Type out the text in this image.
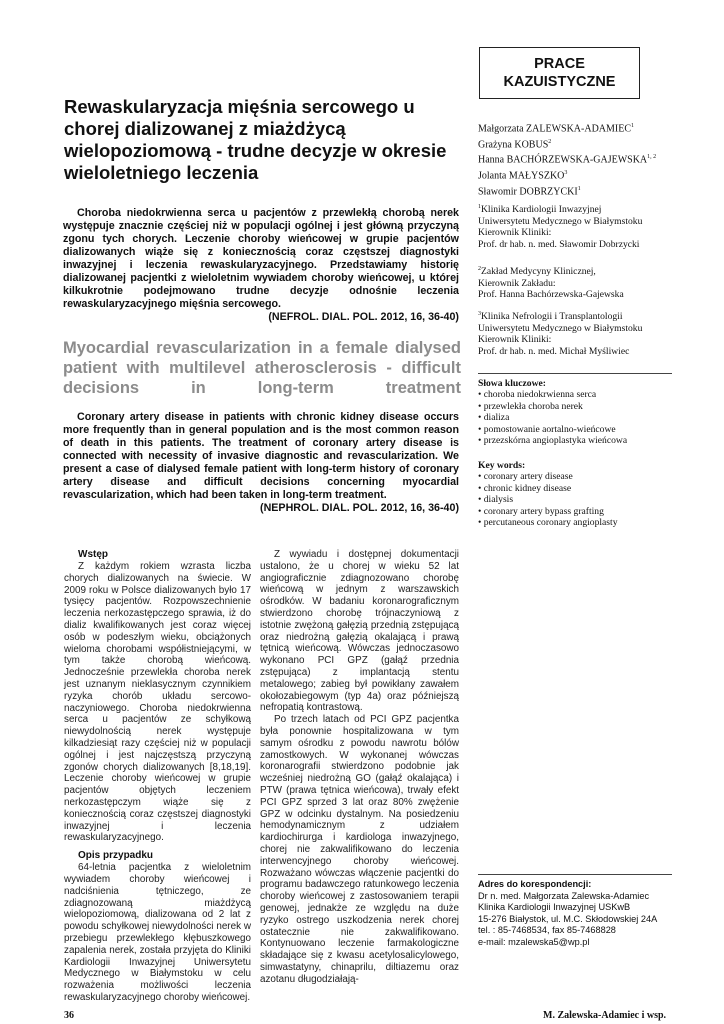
PRACE
KAZUISTYCZNE
Rewaskularyzacja mięśnia sercowego u chorej dializowanej z miażdżycą wielopoziomową - trudne decyzje w okresie wieloletniego leczenia
Małgorzata ZALEWSKA-ADAMIEC$^1$
Grażyna KOBUS$^2$
Hanna BACHÓRZEWSKA-GAJEWSKA$^{1, 2}$
Jolanta MAŁYSZKO$^3$
Sławomir DOBRZYCKI$^1$
$^1$Klinika Kardiologii Inwazyjnej
Uniwersytetu Medycznego w Białymstoku
Kierownik Kliniki:
Prof. dr hab. n. med. Sławomir Dobrzycki
$^2$Zakład Medycyny Klinicznej,
Kierownik Zakładu:
Prof. Hanna Bachórzewska-Gajewska
$^3$Klinika Nefrologii i Transplantologii
Uniwersytetu Medycznego w Białymstoku
Kierownik Kliniki:
Prof. dr hab. n. med. Michał Myśliwiec
Słowa kluczowe:
• choroba niedokrwienna serca
• przewlekła choroba nerek
• dializa
• pomostowanie aortalno-wieńcowe
• przezskórna angioplastyka wieńcowa
Key words:
• coronary artery disease
• chronic kidney disease
• dialysis
• coronary artery bypass grafting
• percutaneous coronary angioplasty
Choroba niedokrwienna serca u pacjentów z przewlekłą chorobą nerek występuje znacznie częściej niż w populacji ogólnej i jest główną przyczyną zgonu tych chorych. Leczenie choroby wieńcowej w grupie pacjentów dializowanych wiąże się z koniecznością coraz częstszej diagnostyki inwazyjnej i leczenia rewaskularyzacyjnego. Przedstawiamy historię dializowanej pacjentki z wieloletnim wywiadem choroby wieńcowej, u której kilkukrotnie podejmowano trudne decyzje odnośnie leczenia rewaskularyzacyjnego mięśnia sercowego.
(NEFROL. DIAL. POL. 2012, 16, 36-40)
Myocardial revascularization in a female dialysed patient with multilevel atherosclerosis - difficult decisions in long-term treatment
Coronary artery disease in patients with chronic kidney disease occurs more frequently than in general population and is the most common reason of death in this patients. The treatment of coronary artery disease is connected with necessity of invasive diagnostic and revascularization. We present a case of dialysed female patient with long-term history of coronary artery disease and difficult decisions concerning myocardial revascularization, which had been taken in long-term treatment.
(NEPHROL. DIAL. POL. 2012, 16, 36-40)
Wstęp

Z każdym rokiem wzrasta liczba chorych dializowanych na świecie. W 2009 roku w Polsce dializowanych było 17 tysięcy pacjentów. Rozpowszechnienie leczenia nerkozastępczego sprawia, iż do dializ kwalifikowanych jest coraz więcej osób w podeszłym wieku, obciążonych wieloma chorobami współistniejącymi, w tym także chorobą wieńcową. Jednocześnie przewlekła choroba nerek jest uznanym nieklasycznym czynnikiem ryzyka chorób układu sercowo-naczyniowego. Choroba niedokrwienna serca u pacjentów ze schyłkową niewydolnością nerek występuje kilkadziesiąt razy częściej niż w populacji ogólnej i jest najczęstszą przyczyną zgonów chorych dializowanych [8,18,19]. Leczenie choroby wieńcowej w grupie pacjentów objętych leczeniem nerkozastępczym wiąże się z koniecznością coraz częstszej diagnostyki inwazyjnej i leczenia rewaskularyzacyjnego.

Opis przypadku

64-letnia pacjentka z wieloletnim wywiadem choroby wieńcowej i nadciśnienia tętniczego, ze zdiagnozowaną miażdżycą wielopoziomową, dializowana od 2 lat z powodu schyłkowej niewydolności nerek w przebiegu przewlekłego kłębuszkowego zapalenia nerek, została przyjęta do Kliniki Kardiologii Inwazyjnej Uniwersytetu Medycznego w Białymstoku w celu rozważenia możliwości leczenia rewaskularyzacyjnego choroby wieńcowej.

Z wywiadu i dostępnej dokumentacji ustalono, że u chorej w wieku 52 lat angiograficznie zdiagnozowano chorobę wieńcową w jednym z warszawskich ośrodków. W badaniu koronarograficznym stwierdzono chorobę trójnaczyniową z istotnie zwężoną gałęzią przednią zstępującą oraz niedrożną gałęzią okalającą i prawą tętnicą wieńcową. Wówczas jednoczasowo wykonano PCI GPZ (gałąź przednia zstępująca) z implantacją stentu metalowego; zabieg był powikłany zawałem okołozabiegowym (typ 4a) oraz późniejszą nefropatią kontrastową.

Po trzech latach od PCI GPZ pacjentka była ponownie hospitalizowana w tym samym ośrodku z powodu nawrotu bólów zamostkowych. W wykonanej wówczas koronarografii stwierdzono podobnie jak wcześniej niedrożną GO (gałąź okalająca) i PTW (prawa tętnica wieńcowa), trwały efekt PCI GPZ sprzed 3 lat oraz 80% zwężenie GPZ w odcinku dystalnym. Na posiedzeniu hemodynamicznym z udziałem kardiochirurga i kardiologa inwazyjnego, chorej nie zakwalifikowano do leczenia interwencyjnego choroby wieńcowej. Rozważano wówczas włączenie pacjentki do programu badawczego ratunkowego leczenia choroby wieńcowej z zastosowaniem terapii genowej, jednakże ze względu na duże ryzyko ostrego uszkodzenia nerek chorej ostatecznie nie zakwalifikowano. Kontynuowano leczenie farmakologiczne składające się z kwasu acetylosalicylowego, simwastatyny, chinaprilu, diltiazemu oraz azotanu długodziałają-

Adres do korespondencji:
Dr n. med. Małgorzata Zalewska-Adamiec
Klinika Kardiologii Inwazyjnej USKwB
15-276 Białystok, ul. M.C. Skłodowskiej 24A
tel. : 85-7468534, fax 85-7468828
e-mail: mzalewska5@wp.pl
36	M. Zalewska-Adamiec i wsp.
